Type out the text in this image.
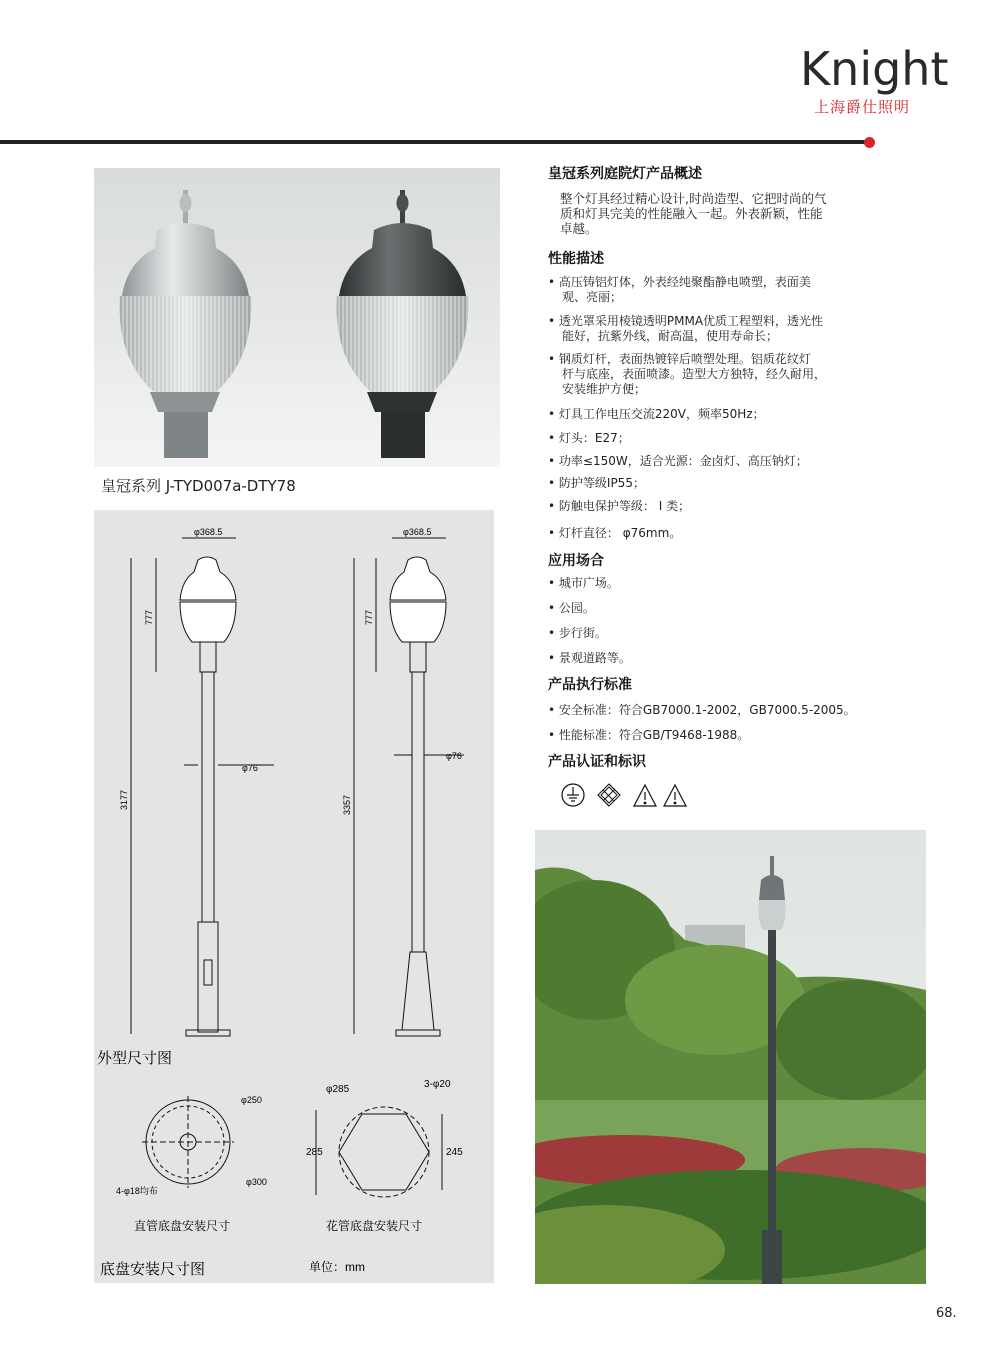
Knight
上海爵仕照明
皇冠系列 J-TYD007a-DTY78
φ368.5	φ368.5
777	777
3177	3357
φ76
φ76
外型尺寸图
φ250
4-φ18均布
φ300
直管底盘安装尺寸
φ285	3-φ20
285	245
花管底盘安装尺寸
底盘安装尺寸图	单位：mm
皇冠系列庭院灯产品概述
整个灯具经过精心设计,时尚造型、它把时尚的气
质和灯具完美的性能融入一起。外表新颖，性能
卓越。
性能描述
• 高压铸铝灯体，外表经纯聚酯静电喷塑，表面美
观、亮丽；
• 透光罩采用棱镜透明PMMA优质工程塑料，透光性
能好，抗紫外线，耐高温，使用寿命长；
• 钢质灯杆，表面热镀锌后喷塑处理。铝质花纹灯
杆与底座，表面喷漆。造型大方独特，经久耐用，
安装维护方便；
• 灯具工作电压交流220V，频率50Hz；
• 灯头：E27；
• 功率≤150W，适合光源：金卤灯、高压钠灯；
• 防护等级IP55；
• 防触电保护等级： I 类；
• 灯杆直径： φ76mm。
应用场合
• 城市广场。
• 公园。
• 步行街。
• 景观道路等。
产品执行标准
• 安全标准：符合GB7000.1-2002，GB7000.5-2005。
• 性能标准：符合GB/T9468-1988。
产品认证和标识
68.
